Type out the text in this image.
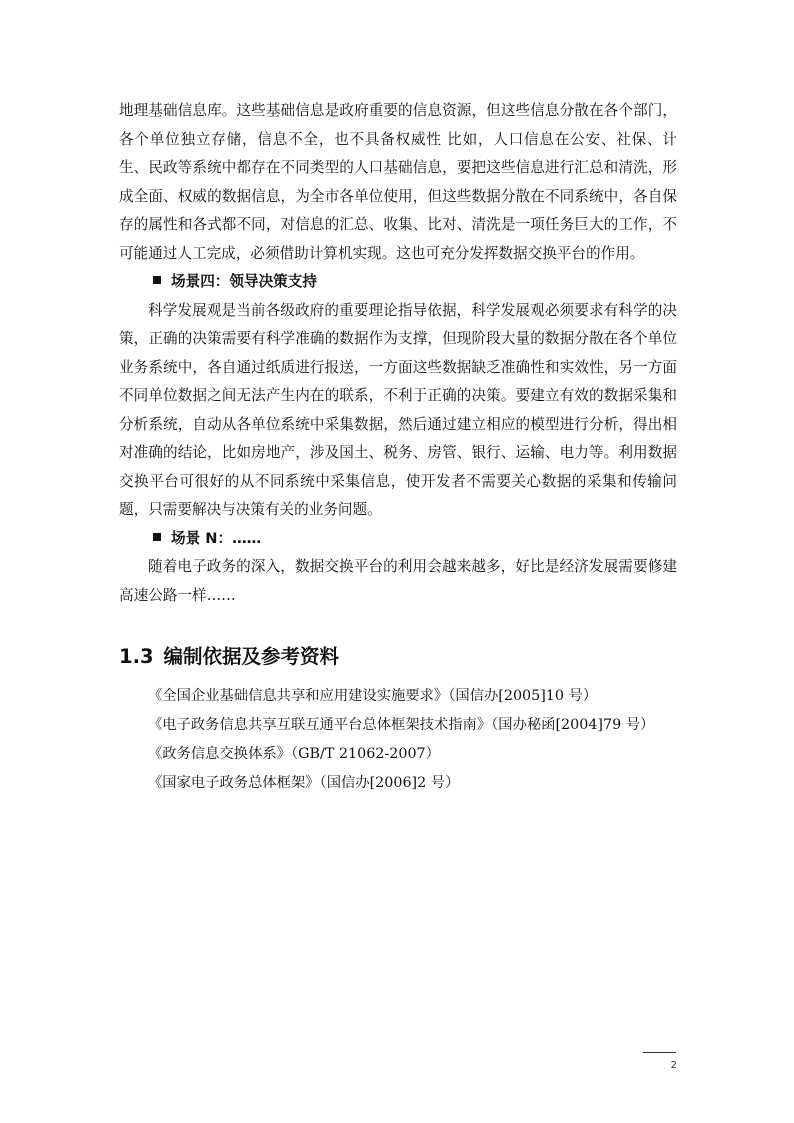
地理基础信息库。这些基础信息是政府重要的信息资源，但这些信息分散在各个部门，各个单位独立存储，信息不全，也不具备权威性 比如，人口信息在公安、社保、计生、民政等系统中都存在不同类型的人口基础信息，要把这些信息进行汇总和清洗，形成全面、权威的数据信息，为全市各单位使用，但这些数据分散在不同系统中，各自保存的属性和各式都不同，对信息的汇总、收集、比对、清洗是一项任务巨大的工作，不可能通过人工完成，必须借助计算机实现。这也可充分发挥数据交换平台的作用。

场景四：领导决策支持

科学发展观是当前各级政府的重要理论指导依据，科学发展观必须要求有科学的决策，正确的决策需要有科学准确的数据作为支撑，但现阶段大量的数据分散在各个单位业务系统中，各自通过纸质进行报送，一方面这些数据缺乏准确性和实效性，另一方面不同单位数据之间无法产生内在的联系，不利于正确的决策。要建立有效的数据采集和分析系统，自动从各单位系统中采集数据，然后通过建立相应的模型进行分析，得出相对准确的结论，比如房地产，涉及国土、税务、房管、银行、运输、电力等。利用数据交换平台可很好的从不同系统中采集信息，使开发者不需要关心数据的采集和传输问题，只需要解决与决策有关的业务问题。

场景 N：……

随着电子政务的深入，数据交换平台的利用会越来越多，好比是经济发展需要修建高速公路一样……

1.3 编制依据及参考资料

《全国企业基础信息共享和应用建设实施要求》（国信办[2005]10 号）

《电子政务信息共享互联互通平台总体框架技术指南》（国办秘函[2004]79 号）

《政务信息交换体系》（GB/T 21062-2007）

《国家电子政务总体框架》（国信办[2006]2 号）

2
